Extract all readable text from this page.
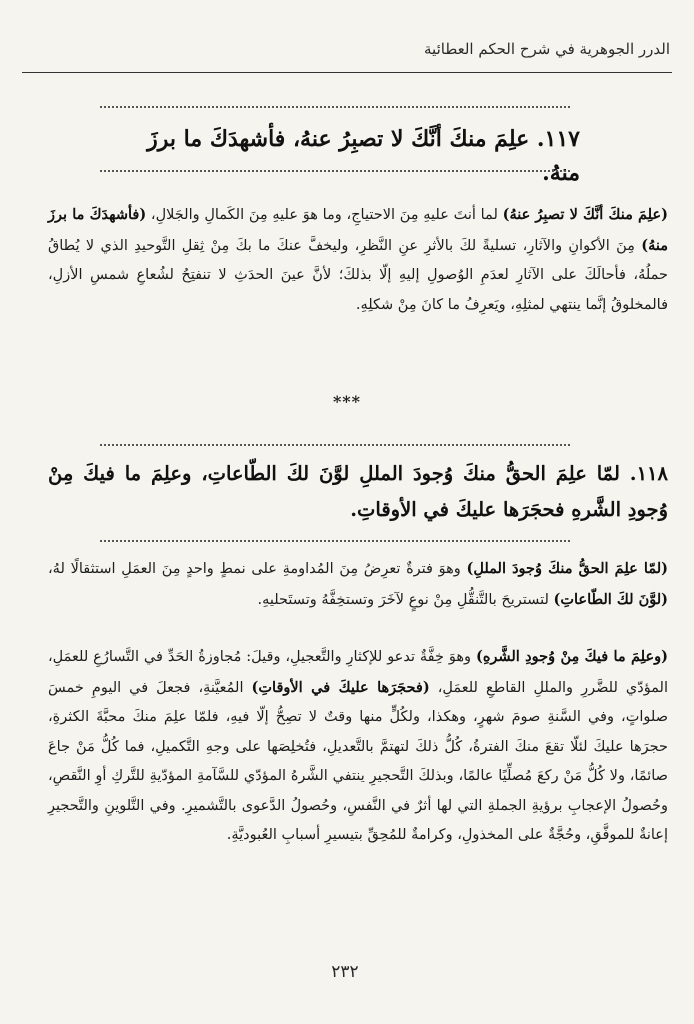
الدرر الجوهرية في شرح الحكم العطائية
١١٧. علِمَ منكَ أنَّكَ لا تصبِرُ عنهُ، فأشهدَكَ ما برزَ منهُ.
(علِمَ منكَ أنَّكَ لا تصبِرُ عنهُ) لما أنتَ عليهِ مِنَ الاحتياجِ، وما هوَ عليهِ مِنَ الكَمالِ والجَلالِ، (فأشهدَكَ ما برزَ منهُ) مِنَ الأكوانِ والآثارِ، تسليةً لكَ بالأثرِ عنِ النَّظرِ، وليخفَّ عنكَ ما بكَ مِنْ ثِقلِ التَّوحيدِ الذي لا يُطاقُ حملُهُ، فأحالَكَ على الآثارِ لعدَمِ الوُصولِ إليهِ إلّا بذلكَ؛ لأنَّ عينَ الحدَثِ لا تنفتِحُ لشُعاعِ شمسِ الأزلِ، فالمخلوقُ إنَّما ينتهي لمثلِهِ، ويَعرِفُ ما كانَ مِنْ شكلِهِ.
***
١١٨. لمّا علِمَ الحقُّ منكَ وُجودَ المللِ لوَّنَ لكَ الطّاعاتِ، وعلِمَ ما فيكَ مِنْ وُجودِ الشَّرهِ فحجَرَها عليكَ في الأوقاتِ.
(لمّا علِمَ الحقُّ منكَ وُجودَ المللِ) وهوَ فترةٌ تعرِضُ مِنَ المُداومةِ على نمطٍ واحدٍ مِنَ العمَلِ استثقالًا لهُ، (لوَّنَ لكَ الطّاعاتِ) لتستريحَ بالتَّنقُّلِ مِنْ نوعٍ لآخَرَ وتستخِفَّهُ وتستَحليهِ.
(وعلِمَ ما فيكَ مِنْ وُجودِ الشَّرهِ) وهوَ خِفَّةٌ تدعو للإكثارِ والتَّعجيلِ، وقيلَ: مُجاوزةُ الحَدِّ في التَّسارُعِ للعمَلِ، المؤدّي للضَّررِ والمللِ القاطعِ للعمَلِ، (فحجَرَها عليكَ في الأوقاتِ) المُعيَّنةِ، فجعلَ في اليومِ خمسَ صلواتٍ، وفي السَّنةِ صومَ شهرٍ، وهكذا، ولكُلٍّ منها وقتٌ لا تصِحُّ إلّا فيهِ، فلمّا علِمَ منكَ محبَّةَ الكثرةِ، حجرَها عليكَ لئلّا تقعَ منكَ الفترةُ، كُلُّ ذلكَ لتهتمَّ بالتَّعديلِ، فتُخلِصَها على وجهِ التَّكميلِ، فما كُلُّ مَنْ جاعَ صائمًا، ولا كُلُّ مَنْ ركعَ مُصلِّيًا عالمًا، وبذلكَ التَّحجيرِ ينتفي الشَّرهُ المؤدّي للسَّآمةِ المؤدّيةِ للتَّركِ أوِ النَّقصِ، وحُصولُ الإعجابِ برؤيةِ الجملةِ التي لها أثرٌ في النَّفسِ، وحُصولُ الدَّعوى بالتَّشميرِ. وفي التَّلوينِ والتَّحجيرِ إعانةٌ للموفَّقِ، وحُجَّةٌ على المخذولِ، وكرامةٌ للمُحِقِّ بتيسيرِ أسبابِ العُبوديَّةِ.
٢٣٢
